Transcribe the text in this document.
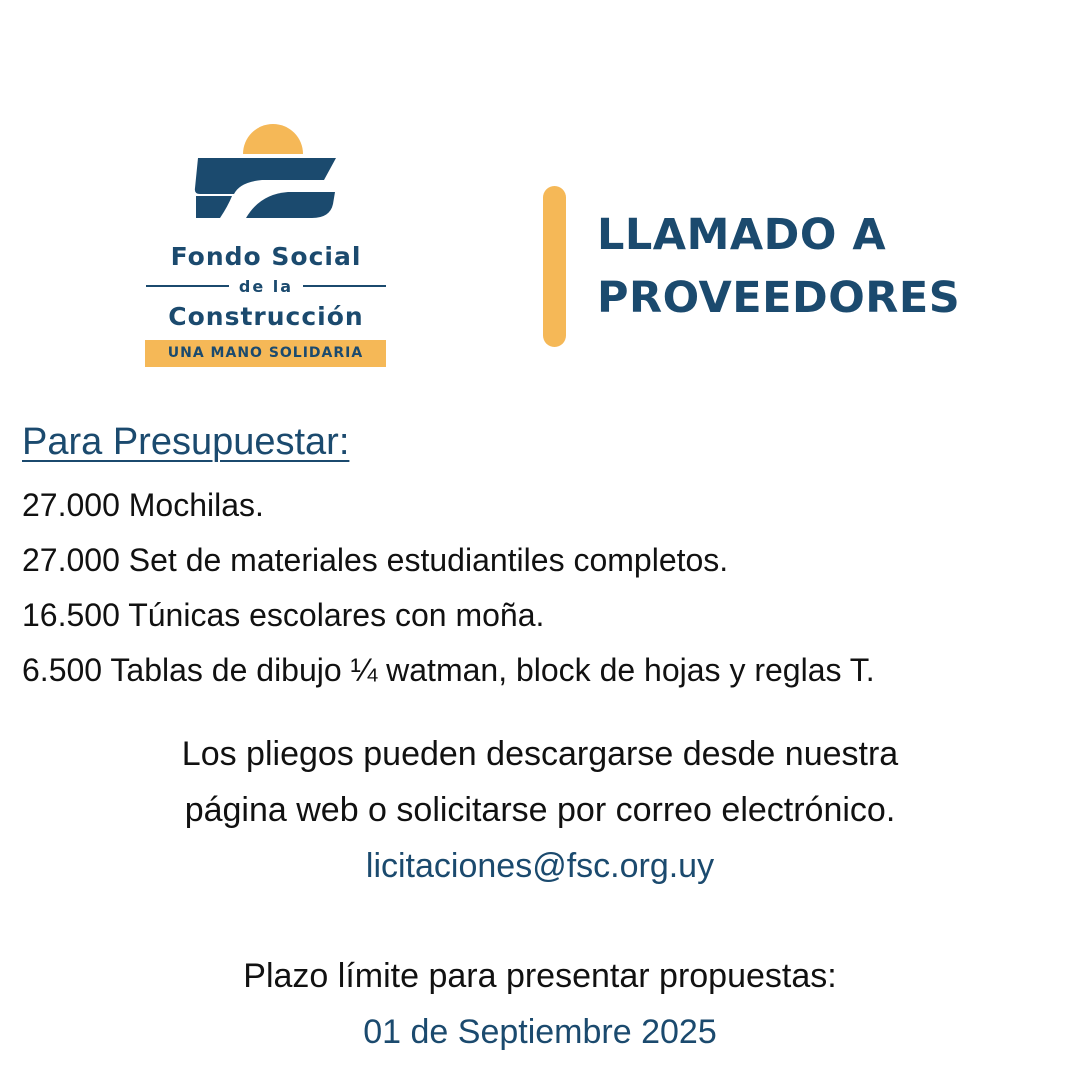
Fondo Social
de la
Construcción
UNA MANO SOLIDARIA
LLAMADO A
PROVEEDORES
Para Presupuestar:
27.000 Mochilas.
27.000 Set de materiales estudiantiles completos.
16.500 Túnicas escolares con moña.
6.500 Tablas de dibujo ¼ watman, block de hojas y reglas T.
Los pliegos pueden descargarse desde nuestra
página web o solicitarse por correo electrónico.
licitaciones@fsc.org.uy
Plazo límite para presentar propuestas:
01 de Septiembre 2025
